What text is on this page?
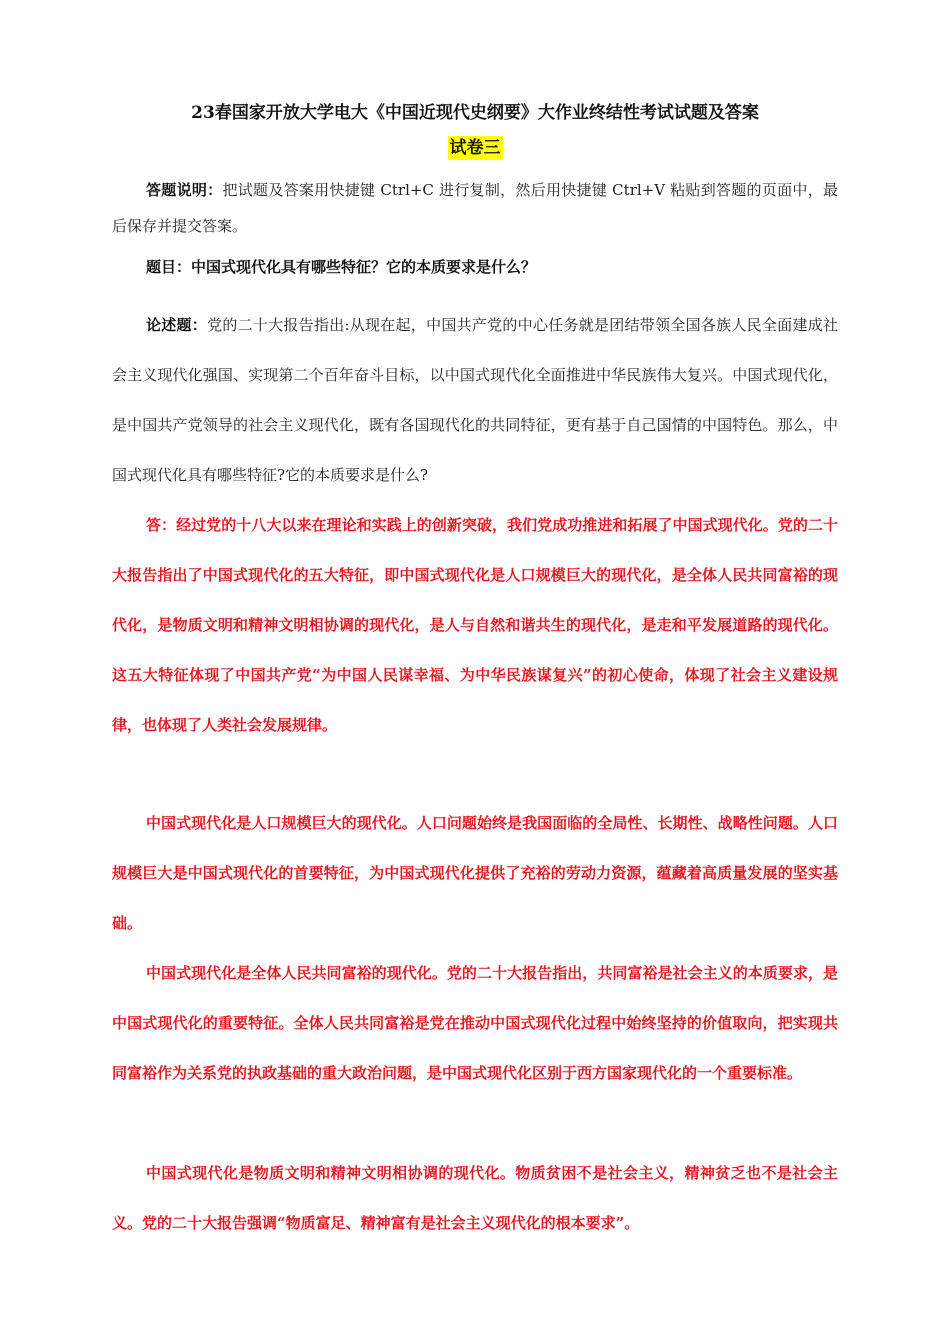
23春国家开放大学电大《中国近现代史纲要》大作业终结性考试试题及答案
试卷三

答题说明：把试题及答案用快捷键 Ctrl+C 进行复制，然后用快捷键 Ctrl+V 粘贴到答题的页面中，最后保存并提交答案。

题目：中国式现代化具有哪些特征？它的本质要求是什么？

论述题：党的二十大报告指出:从现在起，中国共产党的中心任务就是团结带领全国各族人民全面建成社会主义现代化强国、实现第二个百年奋斗目标，以中国式现代化全面推进中华民族伟大复兴。中国式现代化，是中国共产党领导的社会主义现代化，既有各国现代化的共同特征，更有基于自己国情的中国特色。那么，中国式现代化具有哪些特征?它的本质要求是什么?

答：经过党的十八大以来在理论和实践上的创新突破，我们党成功推进和拓展了中国式现代化。党的二十大报告指出了中国式现代化的五大特征，即中国式现代化是人口规模巨大的现代化，是全体人民共同富裕的现代化，是物质文明和精神文明相协调的现代化，是人与自然和谐共生的现代化，是走和平发展道路的现代化。这五大特征体现了中国共产党“为中国人民谋幸福、为中华民族谋复兴”的初心使命，体现了社会主义建设规律，也体现了人类社会发展规律。

中国式现代化是人口规模巨大的现代化。人口问题始终是我国面临的全局性、长期性、战略性问题。人口规模巨大是中国式现代化的首要特征，为中国式现代化提供了充裕的劳动力资源，蕴藏着高质量发展的坚实基础。

中国式现代化是全体人民共同富裕的现代化。党的二十大报告指出，共同富裕是社会主义的本质要求，是中国式现代化的重要特征。全体人民共同富裕是党在推动中国式现代化过程中始终坚持的价值取向，把实现共同富裕作为关系党的执政基础的重大政治问题，是中国式现代化区别于西方国家现代化的一个重要标准。

中国式现代化是物质文明和精神文明相协调的现代化。物质贫困不是社会主义，精神贫乏也不是社会主义。党的二十大报告强调“物质富足、精神富有是社会主义现代化的根本要求”。
